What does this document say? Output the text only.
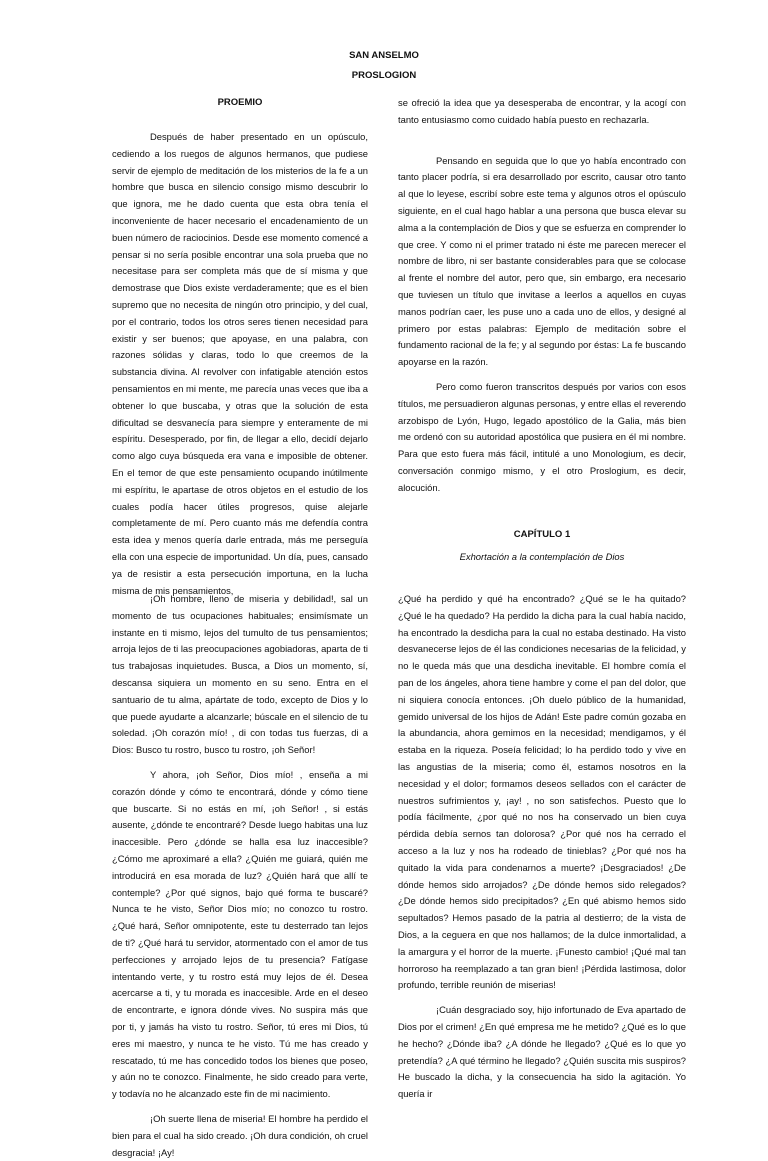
SAN ANSELMO
PROSLOGION
PROEMIO

Después de haber presentado en un opúsculo, cediendo a los ruegos de algunos hermanos, que pudiese servir de ejemplo de meditación de los misterios de la fe a un hombre que busca en silencio consigo mismo descubrir lo que ignora, me he dado cuenta que esta obra tenía el inconveniente de hacer necesario el encadenamiento de un buen número de raciocinios. Desde ese momento comencé a pensar si no sería posible encontrar una sola prueba que no necesitase para ser completa más que de sí misma y que demostrase que Dios existe verdaderamente; que es el bien supremo que no necesita de ningún otro principio, y del cual, por el contrario, todos los otros seres tienen necesidad para existir y ser buenos; que apoyase, en una palabra, con razones sólidas y claras, todo lo que creemos de la substancia divina. Al revolver con infatigable atención estos pensamientos en mi mente, me parecía unas veces que iba a obtener lo que buscaba, y otras que la solución de esta dificultad se desvanecía para siempre y enteramente de mi espíritu. Desesperado, por fin, de llegar a ello, decidí dejarlo como algo cuya búsqueda era vana e imposible de obtener. En el temor de que este pensamiento ocupando inútilmente mi espíritu, le apartase de otros objetos en el estudio de los cuales podía hacer útiles progresos, quise alejarle completamente de mí. Pero cuanto más me defendía contra esta idea y menos quería darle entrada, más me perseguía ella con una especie de importunidad. Un día, pues, cansado ya de resistir a esta persecución importuna, en la lucha misma de mis pensamientos,

se ofreció la idea que ya desesperaba de encontrar, y la acogí con tanto entusiasmo como cuidado había puesto en rechazarla.

Pensando en seguida que lo que yo había encontrado con tanto placer podría, si era desarrollado por escrito, causar otro tanto al que lo leyese, escribí sobre este tema y algunos otros el opúsculo siguiente, en el cual hago hablar a una persona que busca elevar su alma a la contemplación de Dios y que se esfuerza en comprender lo que cree. Y como ni el primer tratado ni éste me parecen merecer el nombre de libro, ni ser bastante considerables para que se colocase al frente el nombre del autor, pero que, sin embargo, era necesario que tuviesen un título que invitase a leerlos a aquellos en cuyas manos podrían caer, les puse uno a cada uno de ellos, y designé al primero por estas palabras: Ejemplo de meditación sobre el fundamento racional de la fe; y al segundo por éstas: La fe buscando apoyarse en la razón.

Pero como fueron transcritos después por varios con esos títulos, me persuadieron algunas personas, y entre ellas el reverendo arzobispo de Lyón, Hugo, legado apostólico de la Galia, más bien me ordenó con su autoridad apostólica que pusiera en él mi nombre. Para que esto fuera más fácil, intitulé a uno Monologium, es decir, conversación conmigo mismo, y el otro Proslogium, es decir, alocución.

CAPÍTULO 1
Exhortación a la contemplación de Dios

¡Oh hombre, lleno de miseria y debilidad!, sal un momento de tus ocupaciones habituales; ensimísmate un instante en ti mismo, lejos del tumulto de tus pensamientos; arroja lejos de ti las preocupaciones agobiadoras, aparta de ti tus trabajosas inquietudes. Busca, a Dios un momento, sí, descansa siquiera un momento en su seno. Entra en el santuario de tu alma, apártate de todo, excepto de Dios y lo que puede ayudarte a alcanzarle; búscale en el silencio de tu soledad. ¡Oh corazón mío! , di con todas tus fuerzas, di a Dios: Busco tu rostro, busco tu rostro, ¡oh Señor!

Y ahora, ¡oh Señor, Dios mío! , enseña a mi corazón dónde y cómo te encontrará, dónde y cómo tiene que buscarte. Si no estás en mí, ¡oh Señor! , si estás ausente, ¿dónde te encontraré? Desde luego habitas una luz inaccesible. Pero ¿dónde se halla esa luz inaccesible? ¿Cómo me aproximaré a ella? ¿Quién me guiará, quién me introducirá en esa morada de luz? ¿Quién hará que allí te contemple? ¿Por qué signos, bajo qué forma te buscaré? Nunca te he visto, Señor Dios mío; no conozco tu rostro. ¿Qué hará, Señor omnipotente, este tu desterrado tan lejos de ti? ¿Qué hará tu servidor, atormentado con el amor de tus perfecciones y arrojado lejos de tu presencia? Fatígase intentando verte, y tu rostro está muy lejos de él. Desea acercarse a ti, y tu morada es inaccesible. Arde en el deseo de encontrarte, e ignora dónde vives. No suspira más que por ti, y jamás ha visto tu rostro. Señor, tú eres mi Dios, tú eres mi maestro, y nunca te he visto. Tú me has creado y rescatado, tú me has concedido todos los bienes que poseo, y aún no te conozco. Finalmente, he sido creado para verte, y todavía no he alcanzado este fin de mi nacimiento.

¡Oh suerte llena de miseria! El hombre ha perdido el bien para el cual ha sido creado. ¡Oh dura condición, oh cruel desgracia! ¡Ay!

¿Qué ha perdido y qué ha encontrado? ¿Qué se le ha quitado? ¿Qué le ha quedado? Ha perdido la dicha para la cual había nacido, ha encontrado la desdicha para la cual no estaba destinado. Ha visto desvanecerse lejos de él las condiciones necesarias de la felicidad, y no le queda más que una desdicha inevitable. El hombre comía el pan de los ángeles, ahora tiene hambre y come el pan del dolor, que ni siquiera conocía entonces. ¡Oh duelo público de la humanidad, gemido universal de los hijos de Adán! Este padre común gozaba en la abundancia, ahora gemimos en la necesidad; mendigamos, y él estaba en la riqueza. Poseía felicidad; lo ha perdido todo y vive en las angustias de la miseria; como él, estamos nosotros en la necesidad y el dolor; formamos deseos sellados con el carácter de nuestros sufrimientos y, ¡ay! , no son satisfechos. Puesto que lo podía fácilmente, ¿por qué no nos ha conservado un bien cuya pérdida debía sernos tan dolorosa? ¿Por qué nos ha cerrado el acceso a la luz y nos ha rodeado de tinieblas? ¿Por qué nos ha quitado la vida para condenarnos a muerte? ¡Desgraciados! ¿De dónde hemos sido arrojados? ¿De dónde hemos sido relegados? ¿De dónde hemos sido precipitados? ¿En qué abismo hemos sido sepultados? Hemos pasado de la patria al destierro; de la vista de Dios, a la ceguera en que nos hallamos; de la dulce inmortalidad, a la amargura y el horror de la muerte. ¡Funesto cambio! ¡Qué mal tan horroroso ha reemplazado a tan gran bien! ¡Pérdida lastimosa, dolor profundo, terrible reunión de miserias!

¡Cuán desgraciado soy, hijo infortunado de Eva apartado de Dios por el crimen! ¿En qué empresa me he metido? ¿Qué es lo que he hecho? ¿Dónde iba? ¿A dónde he llegado? ¿Qué es lo que yo pretendía? ¿A qué término he llegado? ¿Quién suscita mis suspiros? He buscado la dicha, y la consecuencia ha sido la agitación. Yo quería ir
